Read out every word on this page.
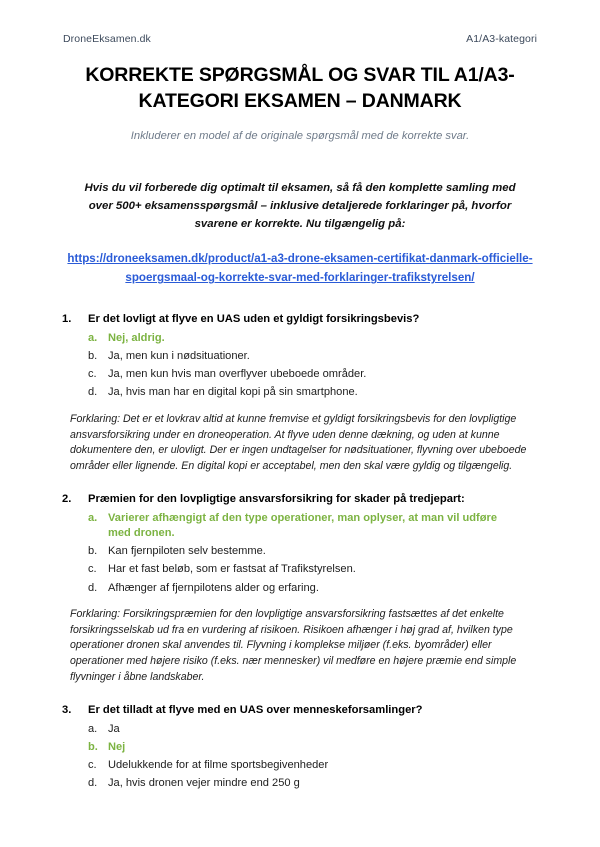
DroneEksamen.dk	A1/A3-kategori
KORREKTE SPØRGSMÅL OG SVAR TIL A1/A3-KATEGORI EKSAMEN – DANMARK

Inkluderer en model af de originale spørgsmål med de korrekte svar.

Hvis du vil forberede dig optimalt til eksamen, så få den komplette samling med over 500+ eksamensspørgsmål – inklusive detaljerede forklaringer på, hvorfor svarene er korrekte. Nu tilgængelig på:

https://droneeksamen.dk/product/a1-a3-drone-eksamen-certifikat-danmark-officielle-spoergsmaal-og-korrekte-svar-med-forklaringer-trafikstyrelsen/
1.	Er det lovligt at flyve en UAS uden et gyldigt forsikringsbevis?
a. Nej, aldrig.
b. Ja, men kun i nødsituationer.
c.	Ja, men kun hvis man overflyver ubeboede områder.
d. Ja, hvis man har en digital kopi på sin smartphone.

Forklaring: Det er et lovkrav altid at kunne fremvise et gyldigt forsikringsbevis for den lovpligtige ansvarsforsikring under en droneoperation. At flyve uden denne dækning, og uden at kunne dokumentere den, er ulovligt. Der er ingen undtagelser for nødsituationer, flyvning over ubeboede områder eller lignende. En digital kopi er acceptabel, men den skal være gyldig og tilgængelig.

2.	Præmien for den lovpligtige ansvarsforsikring for skader på tredjepart:
a. Varierer afhængigt af den type operationer, man oplyser, at man vil udføre med dronen.
b. Kan fjernpiloten selv bestemme.
c.	Har et fast beløb, som er fastsat af Trafikstyrelsen.
d. Afhænger af fjernpilotens alder og erfaring.

Forklaring: Forsikringspræmien for den lovpligtige ansvarsforsikring fastsættes af det enkelte forsikringsselskab ud fra en vurdering af risikoen. Risikoen afhænger i høj grad af, hvilken type operationer dronen skal anvendes til. Flyvning i komplekse miljøer (f.eks. byområder) eller operationer med højere risiko (f.eks. nær mennesker) vil medføre en højere præmie end simple flyvninger i åbne landskaber.

3.	Er det tilladt at flyve med en UAS over menneskeforsamlinger?
a. Ja
b. Nej
c.	Udelukkende for at filme sportsbegivenheder
d. Ja, hvis dronen vejer mindre end 250 g
